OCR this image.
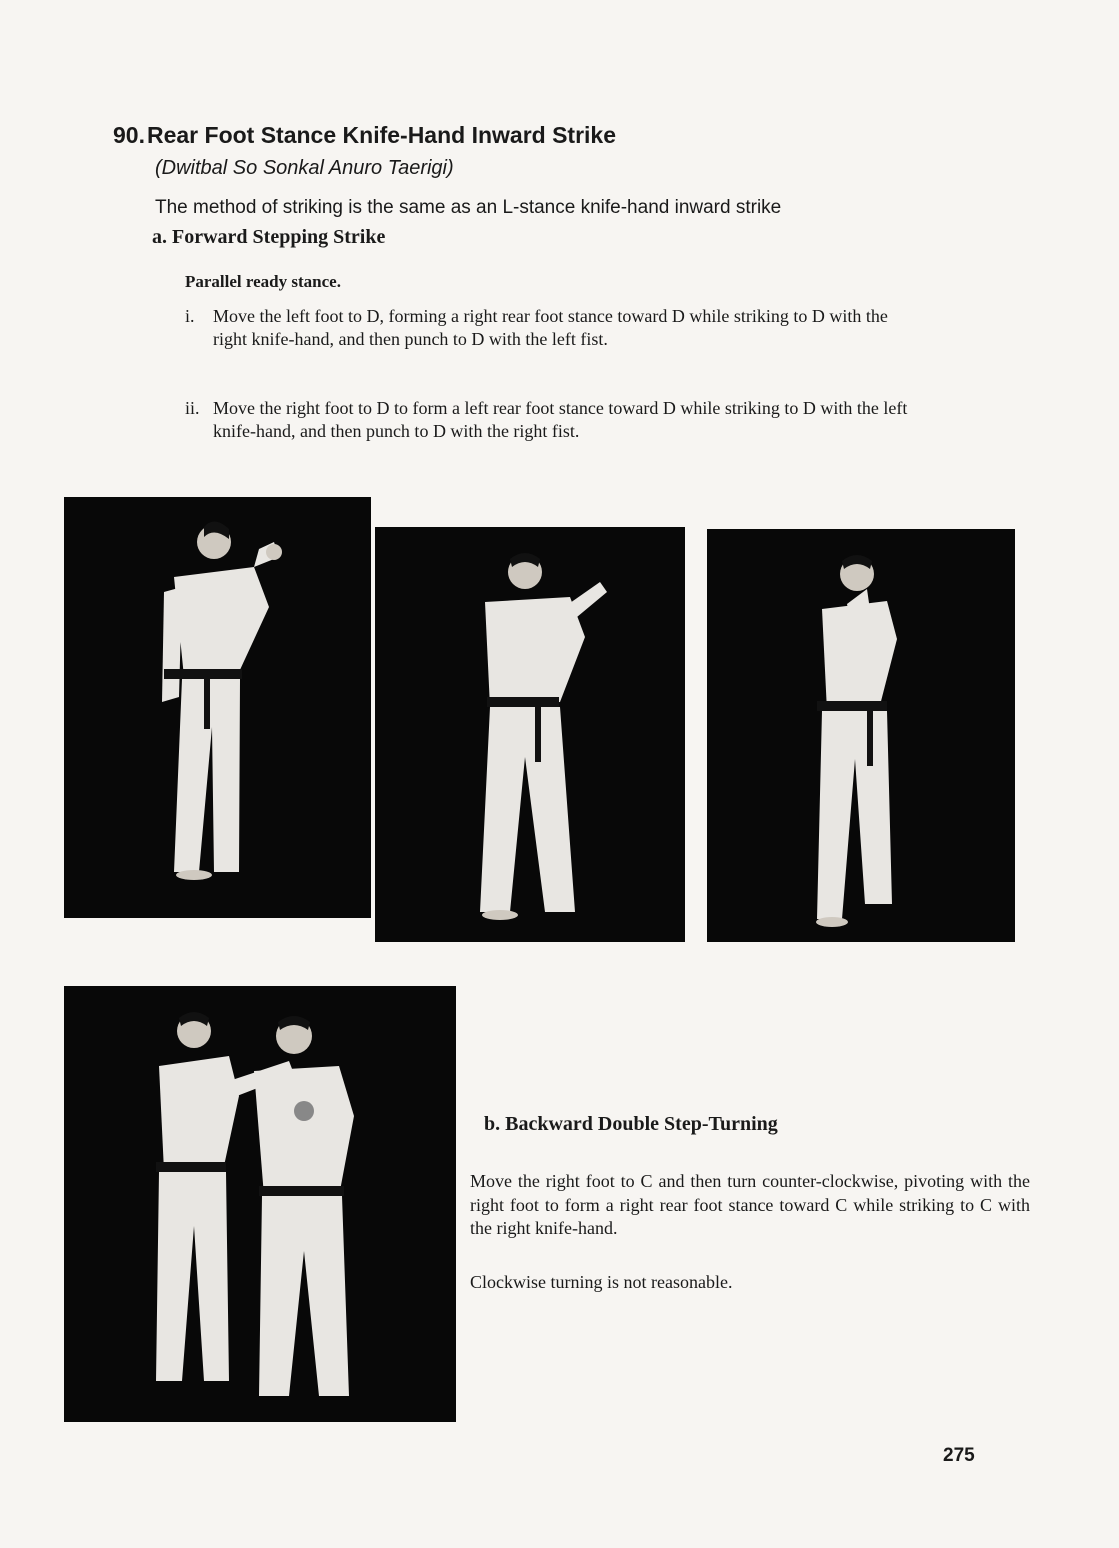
90.Rear Foot Stance Knife-Hand Inward Strike
(Dwitbal So Sonkal Anuro Taerigi)
The method of striking is the same as an L-stance knife-hand inward strike
a. Forward Stepping Strike
Parallel ready stance.
i.	Move the left foot to D, forming a right rear foot stance toward D while striking to D with the right knife-hand, and then punch to D with the left fist.
ii. Move the right foot to D to form a left rear foot stance toward D while striking to D with the left knife-hand, and then punch to D with the right fist.
b. Backward Double Step-Turning
Move the right foot to C and then turn counter-clockwise, pivoting with the right foot to form a right rear foot stance toward C while striking to C with the right knife-hand.
Clockwise turning is not reasonable.
275
